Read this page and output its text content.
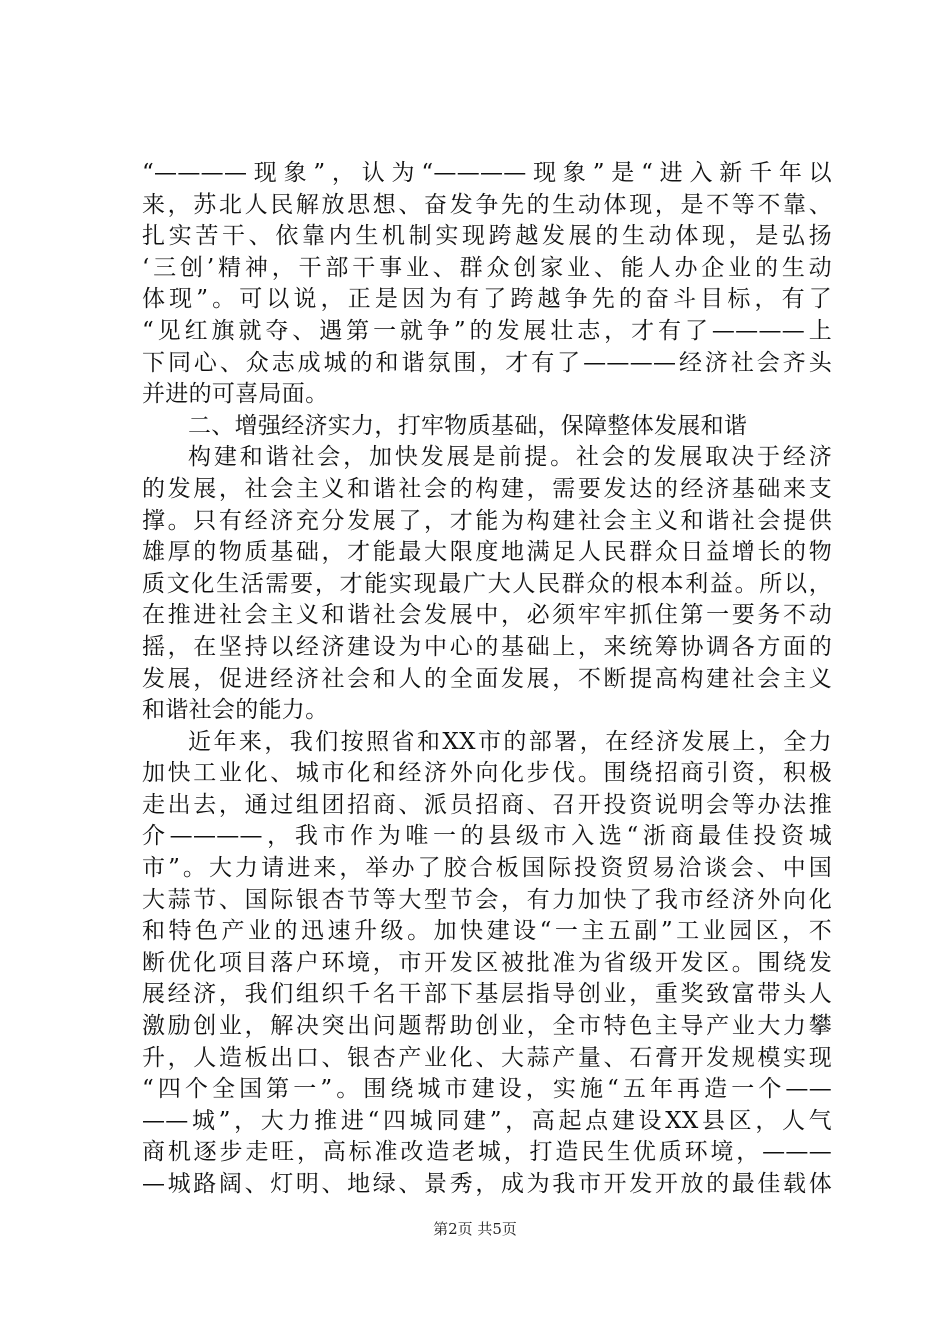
“————现象”，认为“————现象”是“进入新千年以
来，苏北人民解放思想、奋发争先的生动体现，是不等不靠、
扎实苦干、依靠内生机制实现跨越发展的生动体现，是弘扬
‘三创’精神，干部干事业、群众创家业、能人办企业的生动
体现”。可以说，正是因为有了跨越争先的奋斗目标，有了
“见红旗就夺、遇第一就争”的发展壮志，才有了————上
下同心、众志成城的和谐氛围，才有了————经济社会齐头
并进的可喜局面。
二、增强经济实力，打牢物质基础，保障整体发展和谐
构建和谐社会，加快发展是前提。社会的发展取决于经济
的发展，社会主义和谐社会的构建，需要发达的经济基础来支
撑。只有经济充分发展了，才能为构建社会主义和谐社会提供
雄厚的物质基础，才能最大限度地满足人民群众日益增长的物
质文化生活需要，才能实现最广大人民群众的根本利益。所以，
在推进社会主义和谐社会发展中，必须牢牢抓住第一要务不动
摇，在坚持以经济建设为中心的基础上，来统筹协调各方面的
发展，促进经济社会和人的全面发展，不断提高构建社会主义
和谐社会的能力。
近年来，我们按照省和XX市的部署，在经济发展上，全力
加快工业化、城市化和经济外向化步伐。围绕招商引资，积极
走出去，通过组团招商、派员招商、召开投资说明会等办法推
介————，我市作为唯一的县级市入选“浙商最佳投资城
市”。大力请进来，举办了胶合板国际投资贸易洽谈会、中国
大蒜节、国际银杏节等大型节会，有力加快了我市经济外向化
和特色产业的迅速升级。加快建设“一主五副”工业园区，不
断优化项目落户环境，市开发区被批准为省级开发区。围绕发
展经济，我们组织千名干部下基层指导创业，重奖致富带头人
激励创业，解决突出问题帮助创业，全市特色主导产业大力攀
升，人造板出口、银杏产业化、大蒜产量、石膏开发规模实现
“四个全国第一”。围绕城市建设，实施“五年再造一个——
——城”，大力推进“四城同建”，高起点建设XX县区，人气
商机逐步走旺，高标准改造老城，打造民生优质环境，———
—城路阔、灯明、地绿、景秀，成为我市开发开放的最佳载体
第2页 共5页
